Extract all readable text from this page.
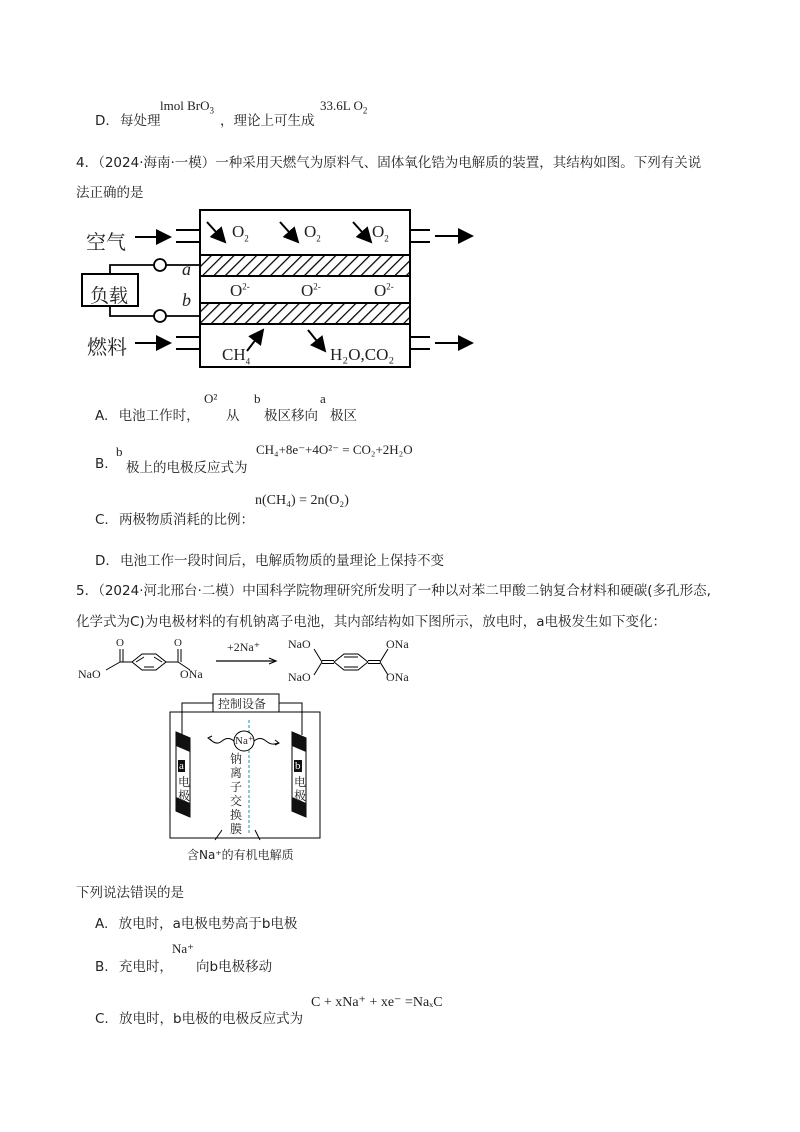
D. 每处理
lmol BrO$_3$
，理论上可生成
33.6L $O_2$
4．（2024·海南·一模）一种采用天燃气为原料气、固体氧化锆为电解质的装置，其结构如图。下列有关说
法正确的是
空气
燃料
负载
a
b
$O_2$	$O_2$	$O_2$
$O^{2-}$	$O^{2-}$	$O^{2-}$
$CH_4$	H₂O,CO₂
A. 电池工作时，
O²
从
b
极区移向
a
极区
B.
b
极上的电极反应式为
CH₄+8e⁻+4O²⁻ = CO₂+2H₂O
C. 两极物质消耗的比例：
n(CH₄) = 2n(O₂)
D. 电池工作一段时间后，电解质物质的量理论上保持不变
5．（2024·河北邢台·二模）中国科学院物理研究所发明了一种以对苯二甲酸二钠复合材料和硬碳(多孔形态,
化学式为C)为电极材料的有机钠离子电池，其内部结构如下图所示，放电时，a电极发生如下变化：
O	O
NaO	ONa
+2Na⁺ NaO
NaO
ONa
ONa
控制设备
Na⁺
a
电
极
b
电
极
钠
离
子
交
换
膜
含Na⁺的有机电解质
下列说法错误的是
A. 放电时，a电极电势高于b电极
B. 充电时，
Na⁺
向b电极移动
C. 放电时，b电极的电极反应式为
C + xNa⁺ + xe⁻ =NaₓC
